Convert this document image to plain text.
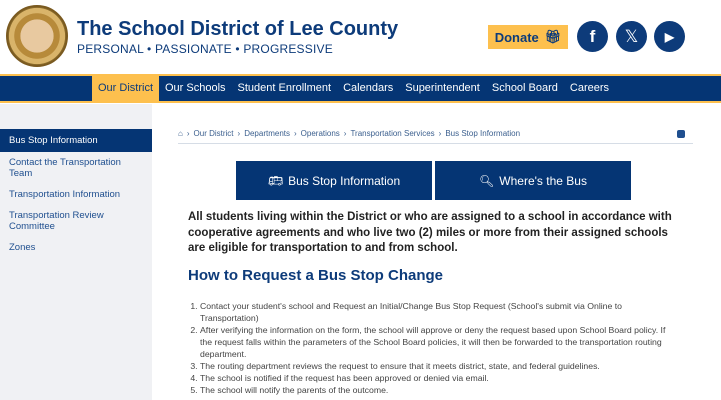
The School District of Lee County
PERSONAL • PASSIONATE • PROGRESSIVE
Donate 🎁︎	f	𝕏	▶
Our District	Our Schools	Student Enrollment	Calendars	Superintendent	School Board	Careers
Bus Stop Information
Contact the Transportation Team
Transportation Information
Transportation Review Committee
Zones
⌂ › Our District › Departments › Operations › Transportation Services › Bus Stop Information
🚌︎ Bus Stop Information	🔍︎ Where's the Bus

All students living within the District or who are assigned to a school in accordance with cooperative agreements and who live two (2) miles or more from their assigned schools are eligible for transportation to and from school.

How to Request a Bus Stop Change
1. Contact your student's school and Request an Initial/Change Bus Stop Request (School's submit via Online to Transportation)
2. After verifying the information on the form, the school will approve or deny the request based upon School Board policy. If the request falls within the parameters of the School Board policies, it will then be forwarded to the transportation routing department.
3. The routing department reviews the request to ensure that it meets district, state, and federal guidelines.
4. The school is notified if the request has been approved or denied via email.
5. The school will notify the parents of the outcome.
